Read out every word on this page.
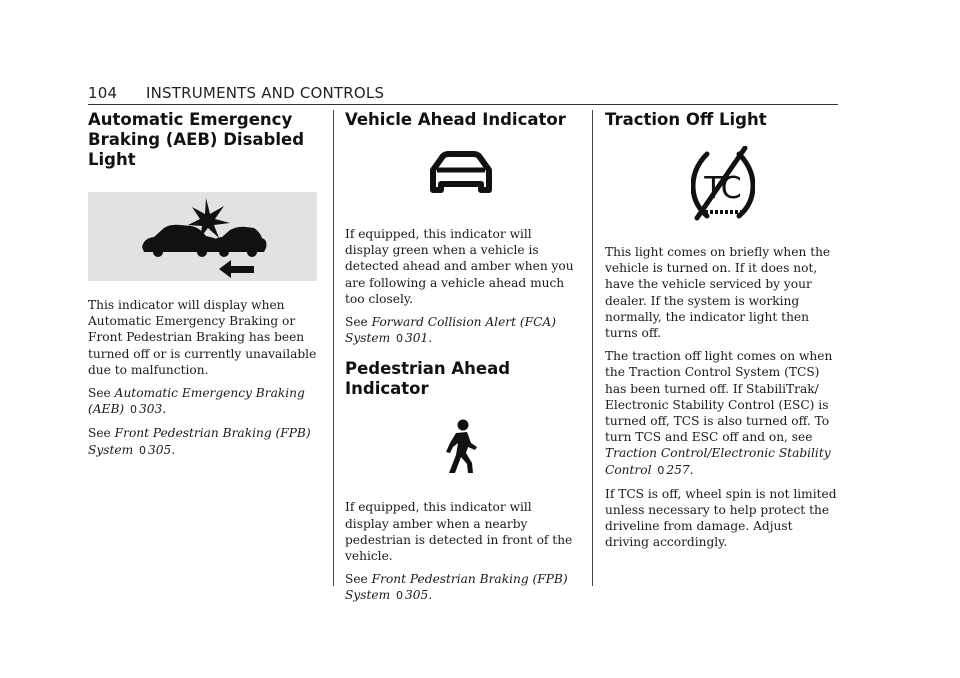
104 INSTRUMENTS AND CONTROLS
Automatic Emergency Braking (AEB) Disabled Light

This indicator will display when Automatic Emergency Braking or Front Pedestrian Braking has been turned off or is currently unavailable due to malfunction.

See Automatic Emergency Braking (AEB) 0 303.

See Front Pedestrian Braking (FPB) System 0 305.

Vehicle Ahead Indicator

If equipped, this indicator will display green when a vehicle is detected ahead and amber when you are following a vehicle ahead much too closely.

See Forward Collision Alert (FCA) System 0 301.

Pedestrian Ahead Indicator

If equipped, this indicator will display amber when a nearby pedestrian is detected in front of the vehicle.

See Front Pedestrian Braking (FPB) System 0 305.

Traction Off Light
TC

This light comes on briefly when the vehicle is turned on. If it does not, have the vehicle serviced by your dealer. If the system is working normally, the indicator light then turns off.

The traction off light comes on when the Traction Control System (TCS) has been turned off. If StabiliTrak/ Electronic Stability Control (ESC) is turned off, TCS is also turned off. To turn TCS and ESC off and on, see Traction Control/Electronic Stability Control 0 257.

If TCS is off, wheel spin is not limited unless necessary to help protect the driveline from damage. Adjust driving accordingly.
